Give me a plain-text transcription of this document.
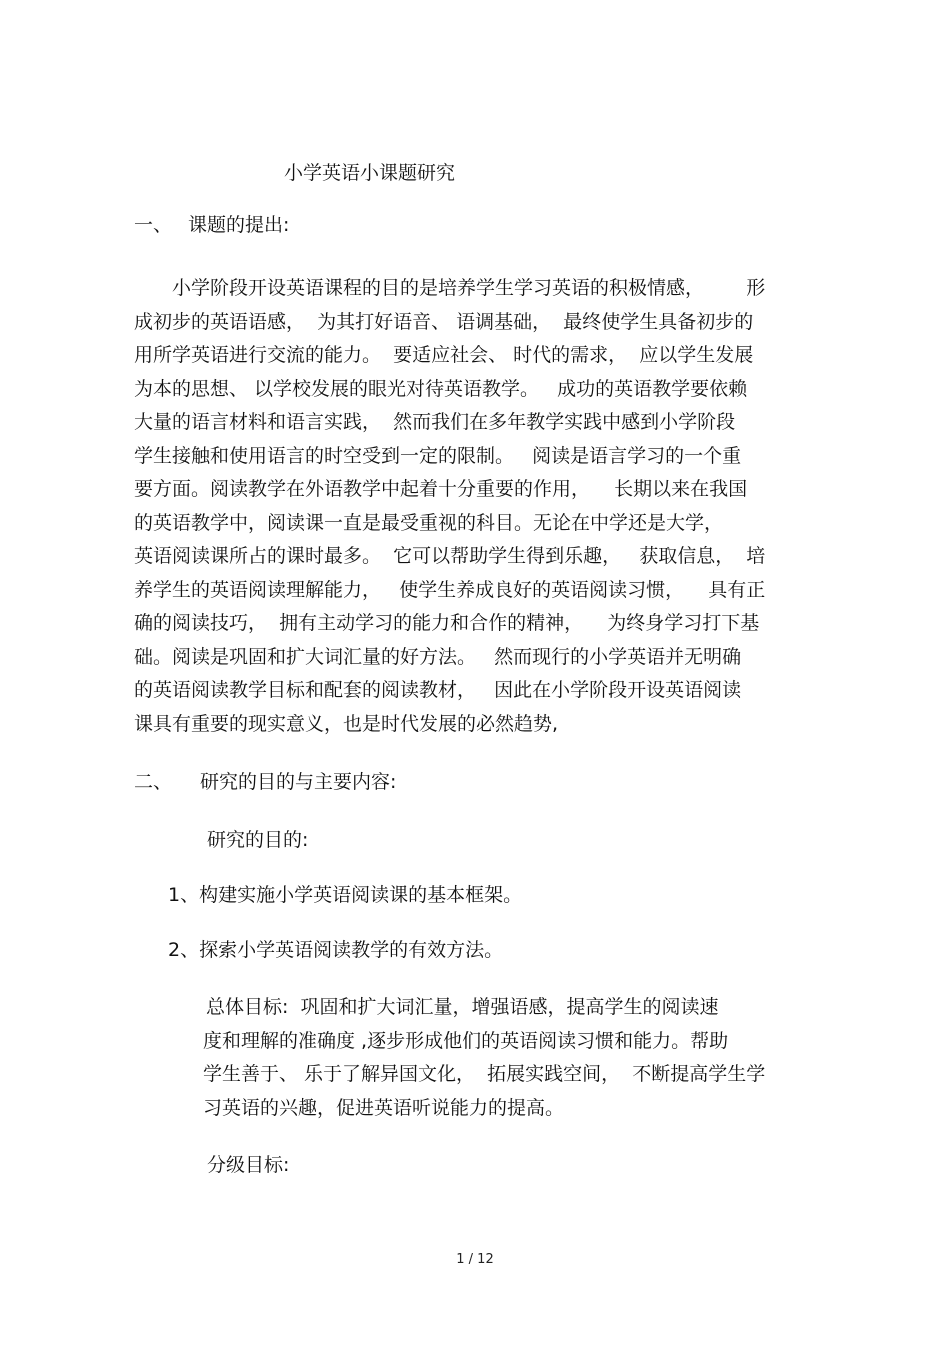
小学英语小课题研究
一、 课题的提出:
小学阶段开设英语课程的目的是培养学生学习英语的积极情感，       形
成初步的英语语感，  为其打好语音、 语调基础，  最终使学生具备初步的
用所学英语进行交流的能力。  要适应社会、 时代的需求，  应以学生发展
为本的思想、 以学校发展的眼光对待英语教学。   成功的英语教学要依赖
大量的语言材料和语言实践，  然而我们在多年教学实践中感到小学阶段
学生接触和使用语言的时空受到一定的限制。   阅读是语言学习的一个重
要方面。阅读教学在外语教学中起着十分重要的作用，    长期以来在我国
的英语教学中，阅读课一直是最受重视的科目。无论在中学还是大学，
英语阅读课所占的课时最多。  它可以帮助学生得到乐趣，   获取信息，  培
养学生的英语阅读理解能力，   使学生养成良好的英语阅读习惯，    具有正
确的阅读技巧，  拥有主动学习的能力和合作的精神，    为终身学习打下基
础。阅读是巩固和扩大词汇量的好方法。   然而现行的小学英语并无明确
的英语阅读教学目标和配套的阅读教材，   因此在小学阶段开设英语阅读
课具有重要的现实意义，也是时代发展的必然趋势,
二、 研究的目的与主要内容:
研究的目的:
1、构建实施小学英语阅读课的基本框架。
2、探索小学英语阅读教学的有效方法。
总体目标:  巩固和扩大词汇量，增强语感，提高学生的阅读速
度和理解的准确度 ,逐步形成他们的英语阅读习惯和能力。帮助
学生善于、 乐于了解异国文化，  拓展实践空间，  不断提高学生学
习英语的兴趣，促进英语听说能力的提高。
分级目标:
1 / 12
